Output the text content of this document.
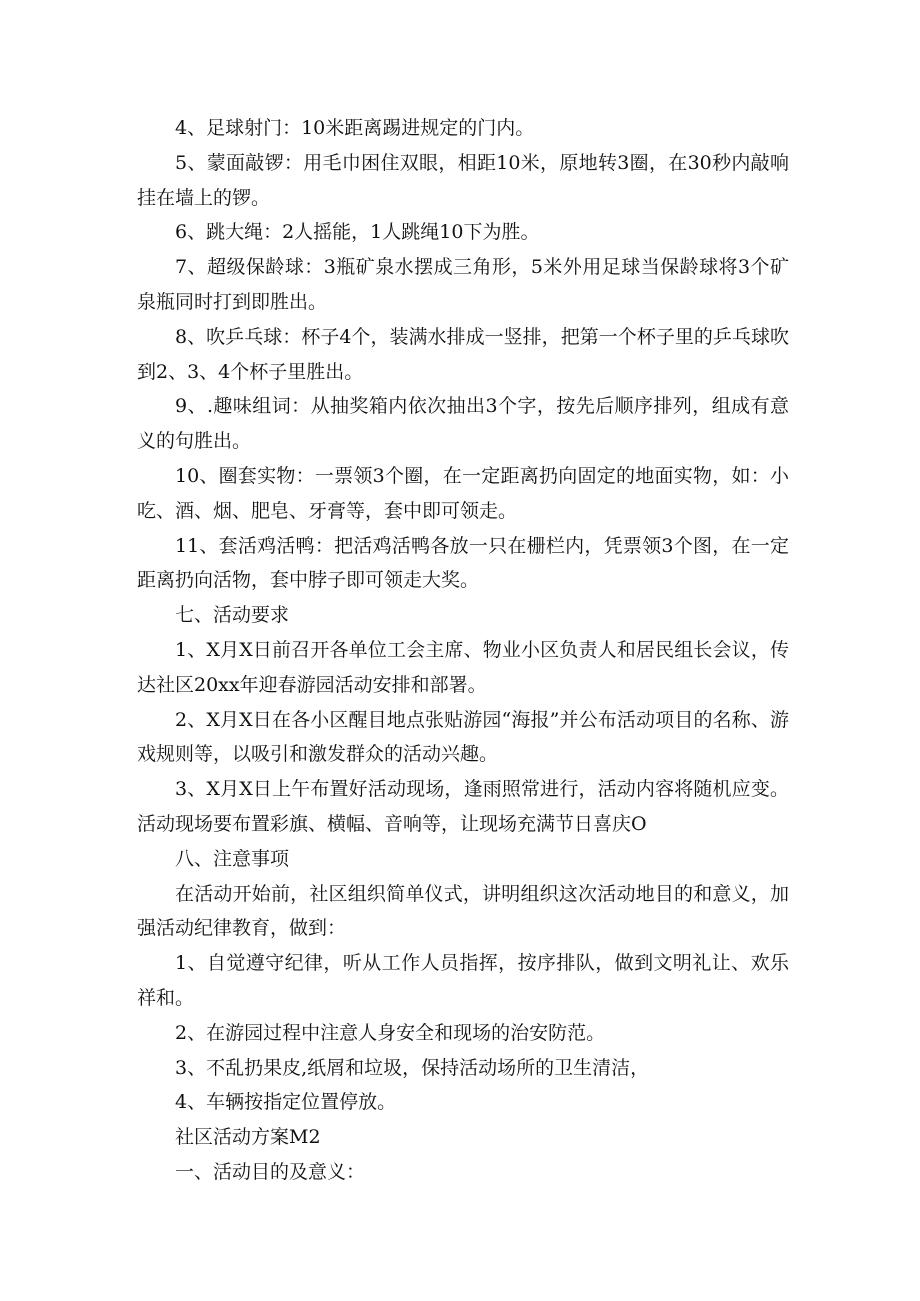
4、足球射门：10米距离踢进规定的门内。

5、蒙面敲锣：用毛巾困住双眼，相距10米，原地转3圈，在30秒内敲响挂在墙上的锣。

6、跳大绳：2人摇能，1人跳绳10下为胜。

7、超级保龄球：3瓶矿泉水摆成三角形，5米外用足球当保龄球将3个矿泉瓶同时打到即胜出。

8、吹乒乓球：杯子4个，装满水排成一竖排，把第一个杯子里的乒乓球吹到2、3、4个杯子里胜出。

9、.趣味组词：从抽奖箱内依次抽出3个字，按先后顺序排列，组成有意义的句胜出。

10、圈套实物：一票领3个圈，在一定距离扔向固定的地面实物，如：小吃、酒、烟、肥皂、牙膏等，套中即可领走。

11、套活鸡活鸭：把活鸡活鸭各放一只在栅栏内，凭票领3个图，在一定距离扔向活物，套中脖子即可领走大奖。

七、活动要求

1、X月X日前召开各单位工会主席、物业小区负责人和居民组长会议，传达社区20xx年迎春游园活动安排和部署。

2、X月X日在各小区醒目地点张贴游园“海报”并公布活动项目的名称、游戏规则等，以吸引和激发群众的活动兴趣。

3、X月X日上午布置好活动现场，逢雨照常进行，活动内容将随机应变。活动现场要布置彩旗、横幅、音响等，让现场充满节日喜庆O

八、注意事项

在活动开始前，社区组织简单仪式，讲明组织这次活动地目的和意义，加强活动纪律教育，做到：

1、自觉遵守纪律，听从工作人员指挥，按序排队，做到文明礼让、欢乐祥和。

2、在游园过程中注意人身安全和现场的治安防范。

3、不乱扔果皮,纸屑和垃圾，保持活动场所的卫生清洁，

4、车辆按指定位置停放。

社区活动方案M2

一、活动目的及意义：
